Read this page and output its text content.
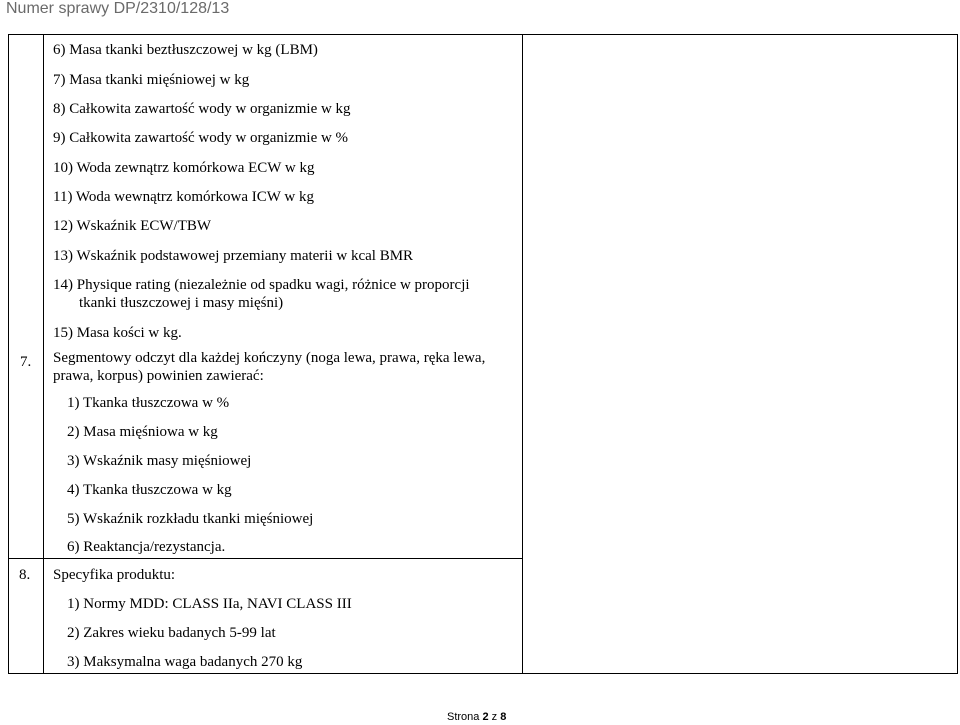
Numer sprawy DP/2310/128/13
7.
6) Masa tkanki beztłuszczowej w kg (LBM)
7) Masa tkanki mięśniowej w kg
8) Całkowita zawartość wody w organizmie w kg
9) Całkowita zawartość wody w organizmie w %
10) Woda zewnątrz komórkowa ECW w kg
11) Woda wewnątrz komórkowa ICW w kg
12) Wskaźnik ECW/TBW
13) Wskaźnik podstawowej przemiany materii w kcal BMR
14) Physique rating (niezależnie od spadku wagi, różnice w proporcji
tkanki tłuszczowej i masy mięśni)
15) Masa kości w kg.
Segmentowy odczyt dla każdej kończyny (noga lewa, prawa, ręka lewa,
prawa, korpus) powinien zawierać:
1) Tkanka tłuszczowa w %
2) Masa mięśniowa w kg
3) Wskaźnik masy mięśniowej
4) Tkanka tłuszczowa w kg
5) Wskaźnik rozkładu tkanki mięśniowej
6) Reaktancja/rezystancja.
8. Specyfika produktu:
1) Normy MDD: CLASS IIa, NAVI CLASS III
2) Zakres wieku badanych 5-99 lat
3) Maksymalna waga badanych 270 kg
Strona 2 z 8
